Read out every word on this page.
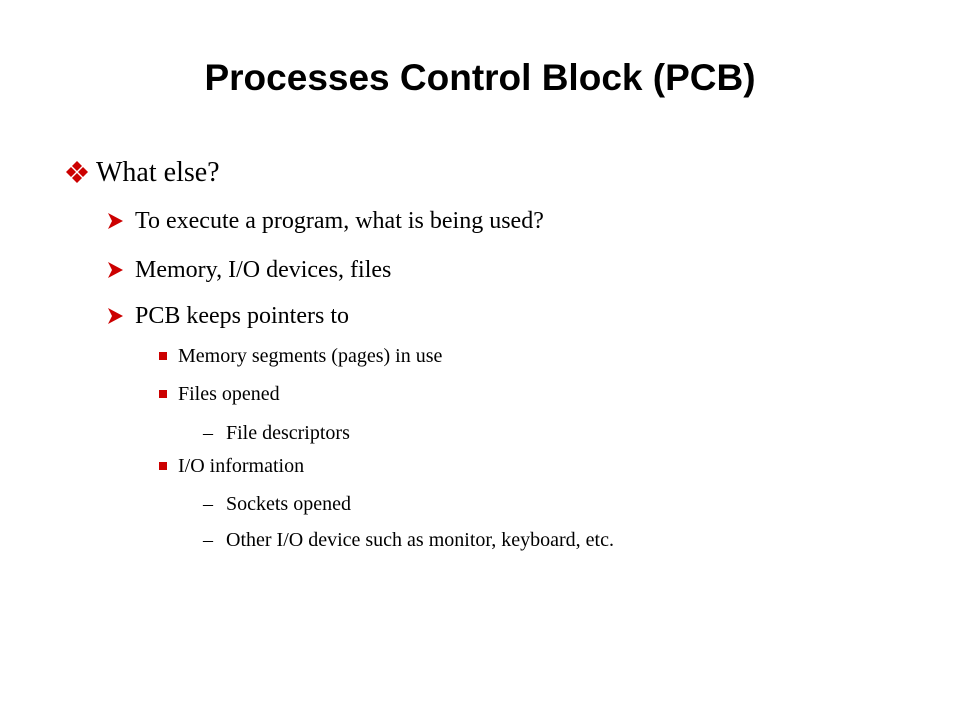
Processes Control Block (PCB)
What else?
To execute a program, what is being used?
Memory, I/O devices, files
PCB keeps pointers to
Memory segments (pages) in use
Files opened
– File descriptors
I/O information
– Sockets opened
– Other I/O device such as monitor, keyboard, etc.
